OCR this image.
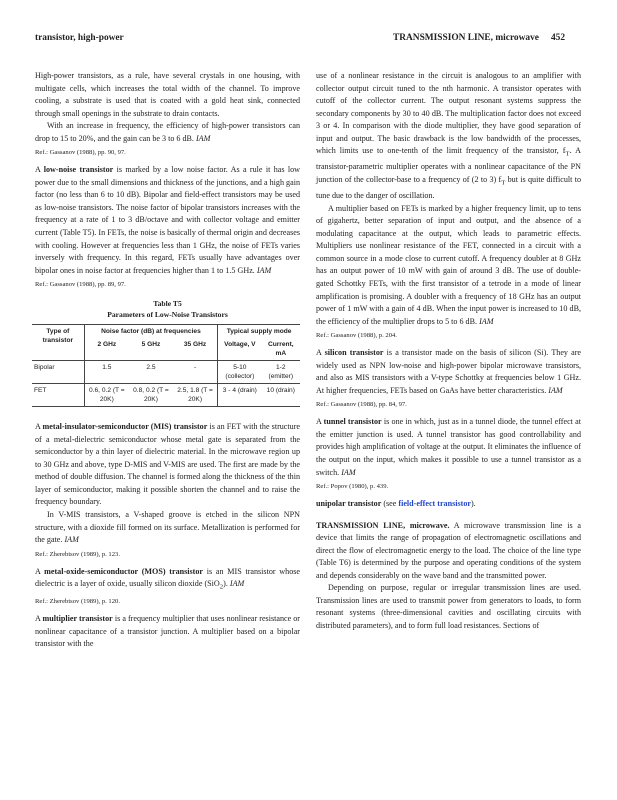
transistor, high-power	TRANSMISSION LINE, microwave 452

High-power transistors, as a rule, have several crystals in one housing, with multigate cells, which increases the total width of the channel. To improve cooling, a substrate is used that is coated with a gold heat sink, connected through small openings in the substrate to drain contacts.

With an increase in frequency, the efficiency of high-power transistors can drop to 15 to 20%, and the gain can be 3 to 6 dB. IAM

Ref.: Gassanov (1988), pp. 90, 97.

A low-noise transistor is marked by a low noise factor. As a rule it has low power due to the small dimensions and thickness of the junctions, and a high gain factor (no less than 6 to 10 dB). Bipolar and field-effect transistors may be used as low-noise transistors. The noise factor of bipolar transistors increases with the frequency at a rate of 1 to 3 dB/octave and with collector voltage and emitter current (Table T5). In FETs, the noise is basically of thermal origin and decreases with cooling. However at frequencies less than 1 GHz, the noise of FETs varies inversely with frequency. In this regard, FETs usually have advantages over bipolar ones in noise factor at frequencies higher than 1 to 1.5 GHz. IAM

Ref.: Gassanov (1988), pp. 89, 97.

Table T5
Parameters of Low-Noise Transistors
Type of transistor	Noise factor (dB) at frequencies			Typical supply mode	
	2 GHz	5 GHz	35 GHz	Voltage, V	Current, mA
Bipolar	1.5	2.5	-	5-10 (collector)	1-2 (emitter)
FET	0.6, 0.2 (T = 20K)	0.8, 0.2 (T = 20K)	2.5, 1.8 (T = 20K)	3 - 4 (drain)	10 (drain)

A metal-insulator-semiconductor (MIS) transistor is an FET with the structure of a metal-dielectric semiconductor whose metal gate is separated from the semiconductor by a thin layer of dielectric material. In the microwave region up to 30 GHz and above, type D-MIS and V-MIS are used. The first are made by the method of double diffusion. The channel is formed along the thickness of the thin layer of semiconductor, making it possible shorten the channel and to raise the frequency boundary.

In V-MIS transistors, a V-shaped groove is etched in the silicon NPN structure, with a dioxide fill formed on its surface. Metallization is performed for the gate. IAM

Ref.: Zherebtsov (1989), p. 123.

A metal-oxide-semiconductor (MOS) transistor is an MIS transistor whose dielectric is a layer of oxide, usually silicon dioxide (SiO$_2$). IAM

Ref.: Zherebtsov (1989), p. 120.

A multiplier transistor is a frequency multiplier that uses nonlinear resistance or nonlinear capacitance of a transistor junction. A multiplier based on a bipolar transistor with the

use of a nonlinear resistance in the circuit is analogous to an amplifier with collector output circuit tuned to the nth harmonic. A transistor operates with cutoff of the collector current. The output resonant systems suppress the secondary components by 30 to 40 dB. The multiplication factor does not exceed 3 or 4. In comparison with the diode multiplier, they have good separation of input and output. The basic drawback is the low bandwidth of the processes, which limits use to one-tenth of the limit frequency of the transistor, $f_T$. A transistor-parametric multiplier operates with a nonlinear capacitance of the PN junction of the collector-base to a frequency of (2 to 3) $f_T$ but is quite difficult to tune due to the danger of oscillation.

A multiplier based on FETs is marked by a higher frequency limit, up to tens of gigahertz, better separation of input and output, and the absence of a modulating capacitance at the output, which leads to parametric effects. Multipliers use nonlinear resistance of the FET, connected in a circuit with a common source in a mode close to current cutoff. A frequency doubler at 8 GHz has an output power of 10 mW with gain of around 3 dB. The use of double-gated Schottky FETs, with the first transistor of a tetrode in a mode of linear amplification is promising. A doubler with a frequency of 18 GHz has an output power of 1 mW with a gain of 4 dB. When the input power is increased to 10 dB, the efficiency of the multiplier drops to 5 to 6 dB. IAM

Ref.: Gassanov (1988), p. 204.

A silicon transistor is a transistor made on the basis of silicon (Si). They are widely used as NPN low-noise and high-power bipolar microwave transistors, and also as MIS transistors with a V-type Schottky at frequencies below 1 GHz. At higher frequencies, FETs based on GaAs have better characteristics. IAM

Ref.: Gassanov (1988), pp. 84, 97.

A tunnel transistor is one in which, just as in a tunnel diode, the tunnel effect at the emitter junction is used. A tunnel transistor has good controllability and provides high amplification of voltage at the output. It eliminates the influence of the output on the input, which makes it possible to use a tunnel transistor as a switch. IAM

Ref.: Popov (1980), p. 439.

unipolar transistor (see field-effect transistor).

TRANSMISSION LINE, microwave. A microwave transmission line is a device that limits the range of propagation of electromagnetic oscillations and direct the flow of electromagnetic energy to the load. The choice of the line type (Table T6) is determined by the purpose and operating conditions of the system and depends considerably on the wave band and the transmitted power.

Depending on purpose, regular or irregular transmission lines are used. Transmission lines are used to transmit power from generators to loads, to form resonant systems (three-dimensional cavities and oscillating circuits with distributed parameters), and to form full load resistances. Sections of
